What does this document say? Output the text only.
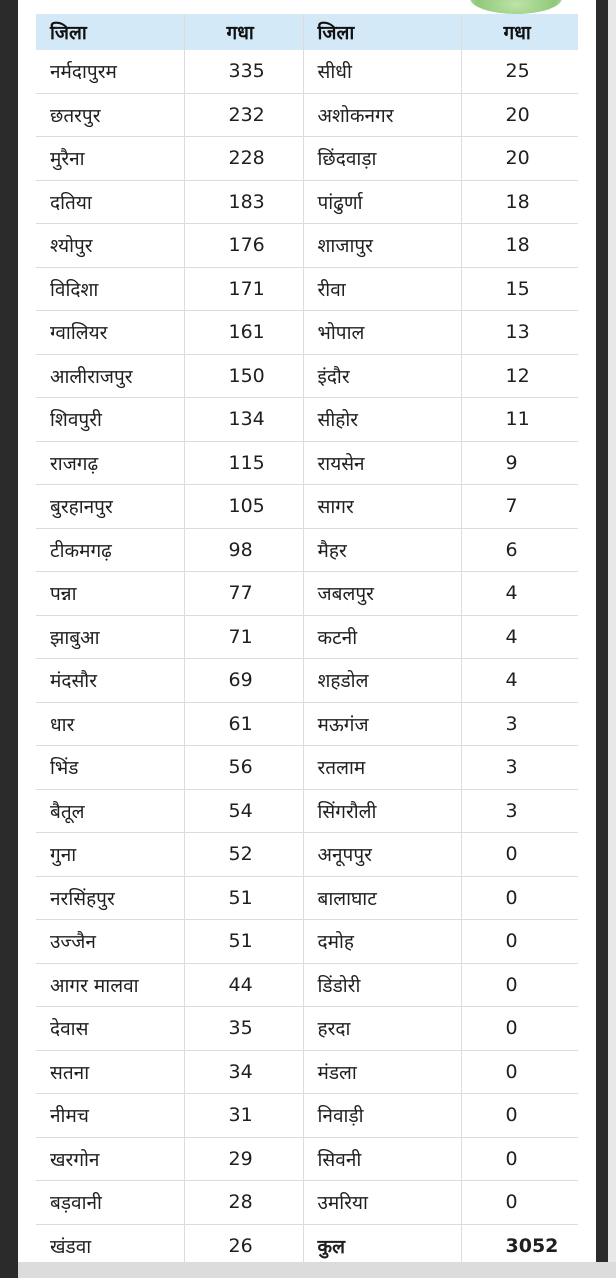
जिला	गधा	जिला	गधा
नर्मदापुरम	335	सीधी	25
छतरपुर	232	अशोकनगर	20
मुरैना	228	छिंदवाड़ा	20
दतिया	183	पांढुर्णा	18
श्योपुर	176	शाजापुर	18
विदिशा	171	रीवा	15
ग्वालियर	161	भोपाल	13
आलीराजपुर	150	इंदौर	12
शिवपुरी	134	सीहोर	11
राजगढ़	115	रायसेन	9
बुरहानपुर	105	सागर	7
टीकमगढ़	98	मैहर	6
पन्ना	77	जबलपुर	4
झाबुआ	71	कटनी	4
मंदसौर	69	शहडोल	4
धार	61	मऊगंज	3
भिंड	56	रतलाम	3
बैतूल	54	सिंगरौली	3
गुना	52	अनूपपुर	0
नरसिंहपुर	51	बालाघाट	0
उज्जैन	51	दमोह	0
आगर मालवा	44	डिंडोरी	0
देवास	35	हरदा	0
सतना	34	मंडला	0
नीमच	31	निवाड़ी	0
खरगोन	29	सिवनी	0
बड़वानी	28	उमरिया	0
खंडवा	26	कुल	3052
